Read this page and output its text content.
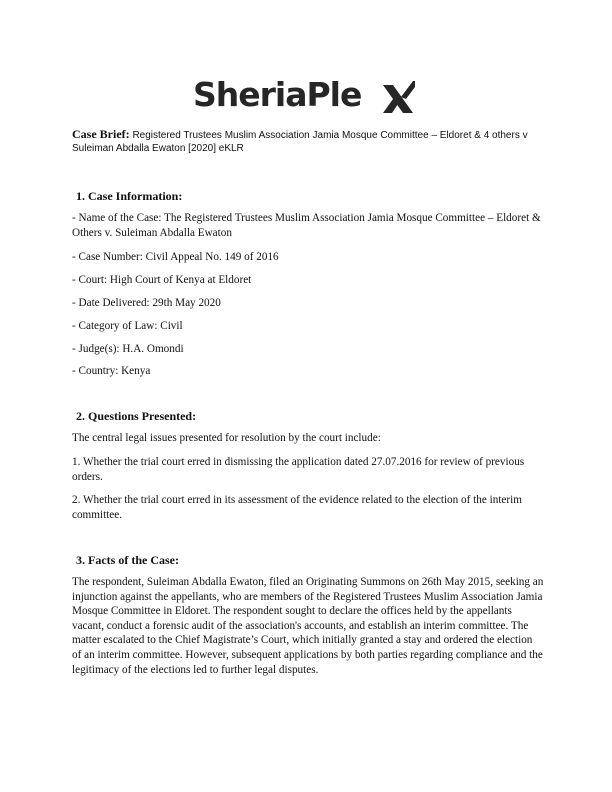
SheriaPle
Case Brief: Registered Trustees Muslim Association Jamia Mosque Committee – Eldoret & 4 others v Suleiman Abdalla Ewaton [2020] eKLR
1. Case Information:
- Name of the Case: The Registered Trustees Muslim Association Jamia Mosque Committee – Eldoret & Others v. Suleiman Abdalla Ewaton
- Case Number: Civil Appeal No. 149 of 2016
- Court: High Court of Kenya at Eldoret
- Date Delivered: 29th May 2020
- Category of Law: Civil
- Judge(s): H.A. Omondi
- Country: Kenya
2. Questions Presented:
The central legal issues presented for resolution by the court include:
1. Whether the trial court erred in dismissing the application dated 27.07.2016 for review of previous orders.
2. Whether the trial court erred in its assessment of the evidence related to the election of the interim committee.
3. Facts of the Case:
The respondent, Suleiman Abdalla Ewaton, filed an Originating Summons on 26th May 2015, seeking an injunction against the appellants, who are members of the Registered Trustees Muslim Association Jamia Mosque Committee in Eldoret. The respondent sought to declare the offices held by the appellants vacant, conduct a forensic audit of the association's accounts, and establish an interim committee. The matter escalated to the Chief Magistrate’s Court, which initially granted a stay and ordered the election of an interim committee. However, subsequent applications by both parties regarding compliance and the legitimacy of the elections led to further legal disputes.
